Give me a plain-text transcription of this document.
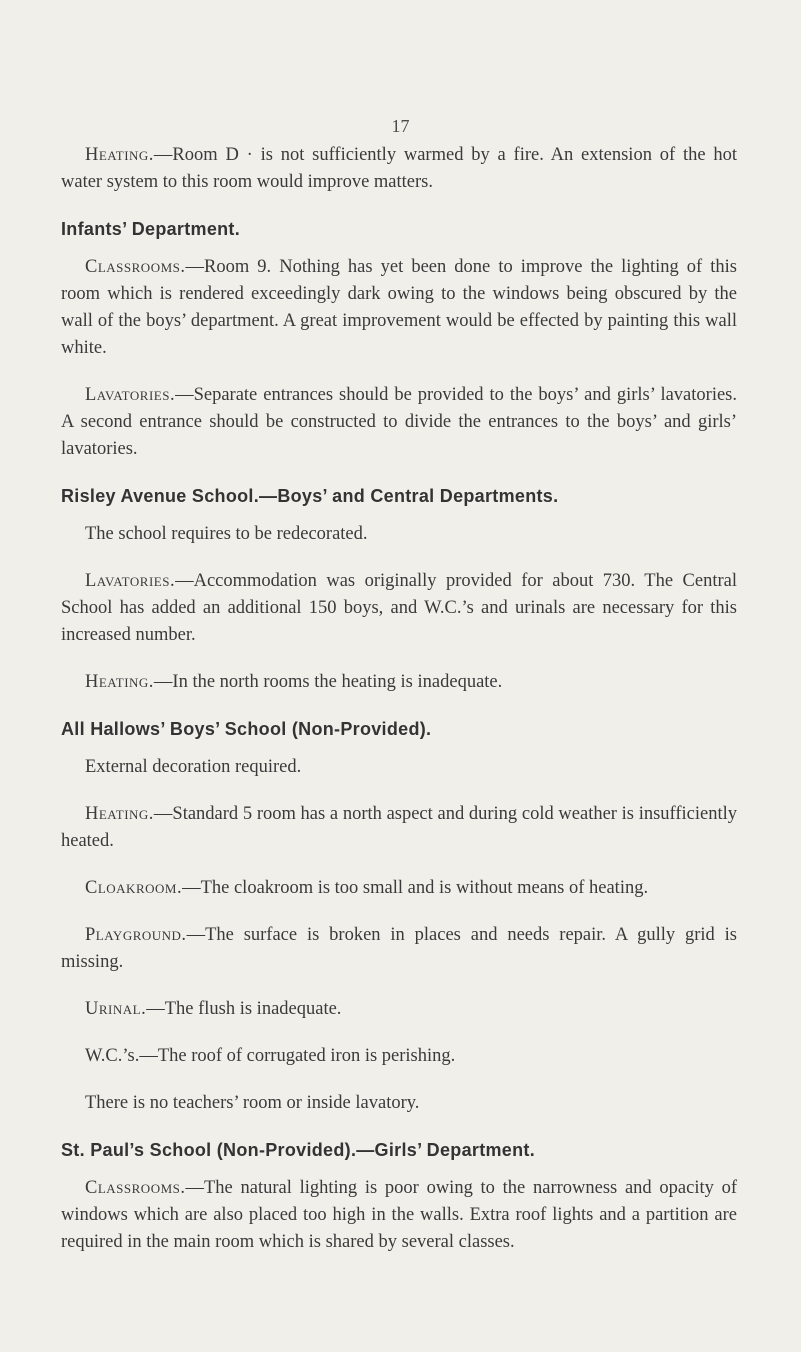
17

Heating.—Room D · is not sufficiently warmed by a fire. An extension of the hot water system to this room would improve matters.

Infants’ Department.

Classrooms.—Room 9. Nothing has yet been done to improve the lighting of this room which is rendered exceedingly dark owing to the windows being obscured by the wall of the boys’ department. A great improvement would be effected by painting this wall white.

Lavatories.—Separate entrances should be provided to the boys’ and girls’ lavatories. A second entrance should be constructed to divide the entrances to the boys’ and girls’ lavatories.

Risley Avenue School.—Boys’ and Central Departments.

The school requires to be redecorated.

Lavatories.—Accommodation was originally provided for about 730. The Central School has added an additional 150 boys, and W.C.’s and urinals are necessary for this increased number.

Heating.—In the north rooms the heating is inadequate.

All Hallows’ Boys’ School (Non-Provided).

External decoration required.

Heating.—Standard 5 room has a north aspect and during cold weather is insufficiently heated.

Cloakroom.—The cloakroom is too small and is without means of heating.

Playground.—The surface is broken in places and needs repair. A gully grid is missing.

Urinal.—The flush is inadequate.

W.C.’s.—The roof of corrugated iron is perishing.

There is no teachers’ room or inside lavatory.

St. Paul’s School (Non-Provided).—Girls’ Department.

Classrooms.—The natural lighting is poor owing to the narrowness and opacity of windows which are also placed too high in the walls. Extra roof lights and a partition are required in the main room which is shared by several classes.
